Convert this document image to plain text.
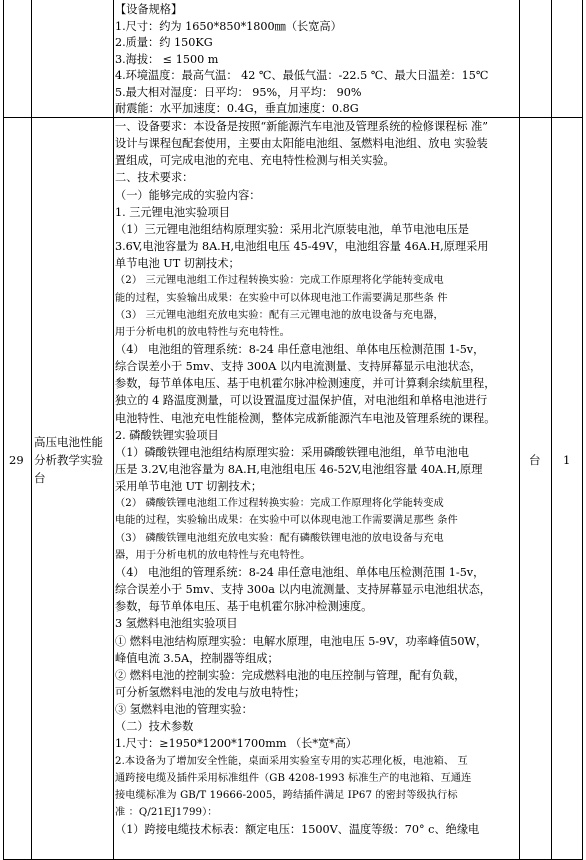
【设备规格】
1.尺寸：约为 1650*850*1800㎜（长宽高）
2.质量：约 150KG
3.海拔： ≤ 1500 m
4.环境温度：最高气温： 42 ℃、最低气温：-22.5 ℃、最大日温差：15℃
5.最大相对湿度：日平均： 95%，月平均： 90%
耐震能：水平加速度：0.4G，垂直加速度：0.8G
29
高压电池性能
分析教学实验
台
台 1
一、设备要求：本设备是按照“新能源汽车电池及管理系统的检修课程标 准”
设计与课程包配套使用，主要由太阳能电池组、氢燃料电池组、放电 实验装
置组成，可完成电池的充电、充电特性检测与相关实验。
二、技术要求：
（一）能够完成的实验内容：
1. 三元锂电池实验项目
（1）三元锂电池组结构原理实验：采用北汽原装电池，单节电池电压是
3.6V,电池容量为 8A.H,电池组电压 45-49V，电池组容量 46A.H,原理采用
单节电池 UT 切割技术；
（2） 三元锂电池组工作过程转换实验：完成工作原理将化学能转变成电
能的过程，实验输出成果：在实验中可以体现电池工作需要满足那些条 件
（3） 三元锂电池组充放电实验：配有三元锂电池的放电设备与充电器，
用于分析电机的放电特性与充电特性。
（4） 电池组的管理系统：8-24 串任意电池组、单体电压检测范围 1-5v，
综合误差小于 5mv、支持 300A 以内电流测量、支持屏幕显示电池状态，
参数，每节单体电压、基于电机霍尔脉冲检测速度，并可计算剩余续航里程，
独立的 4 路温度测量，可以设置温度过温保护值，对电池组和单格电池进行
电池特性、电池充电性能检测，整体完成新能源汽车电池及管理系统的课程。
2. 磷酸铁锂实验项目
（1）磷酸铁锂电池组结构原理实验：采用磷酸铁锂电池组，单节电池电
压是 3.2V,电池容量为 8A.H,电池组电压 46-52V,电池组容量 40A.H,原理
采用单节电池 UT 切割技术；
（2） 磷酸铁锂电池组工作过程转换实验：完成工作原理将化学能转变成
电能的过程，实验输出成果：在实验中可以体现电池工作需要满足那些 条件
（3） 磷酸铁锂电池组充放电实验：配有磷酸铁锂电池的放电设备与充电
器，用于分析电机的放电特性与充电特性。
（4） 电池组的管理系统：8-24 串任意电池组、单体电压检测范围 1-5v，
综合误差小于 5mv、支持 300a 以内电流测量、支持屏幕显示电池组状态，
参数，每节单体电压、基于电机霍尔脉冲检测速度。
3 氢燃料电池组实验项目
① 燃料电池结构原理实验：电解水原理，电池电压 5-9V，功率峰值50W，
峰值电流 3.5A，控制器等组成；
② 燃料电池的控制实验：完成燃料电池的电压控制与管理，配有负载，
可分析氢燃料电池的发电与放电特性；
③ 氢燃料电池的管理实验：
（二）技术参数
1.尺寸：≥1950*1200*1700mm （长*宽*高）
2.本设备为了增加安全性能，桌面采用实验室专用的实芯理化板，电池箱、 互
通跨接电缆及插件采用标准组件（GB 4208-1993 标准生产的电池箱、互通连
接电缆标准为 GB/T 19666-2005，跨结插件满足 IP67 的密封等级执行标
准 ：Q/21EJ1799）：
（1）跨接电缆技术标表：额定电压：1500V、温度等级：70° c、绝缘电
